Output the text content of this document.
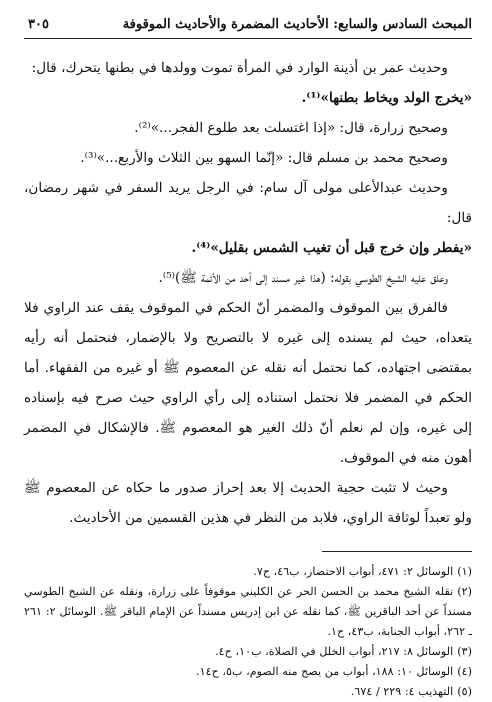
المبحث السادس والسابع: الأحاديث المضمرة والأحاديث الموقوفة
٣٠٥

وحديث عمر بن أذينة الوارد في المرأة تموت وولدها في بطنها يتحرك، قال:

«يخرج الولد ويخاط بطنها»⁽¹⁾.

وصحيح زرارة، قال: «إذا اغتسلت بعد طلوع الفجر...»⁽²⁾.

وصحيح محمد بن مسلم قال: «إنّما السهو بين الثلاث والأربع...»⁽³⁾.

وحديث عبدالأعلى مولى آل سام: في الرجل يريد السفر في شهر رمضان، قال:

«يفطر وإن خرج قبل أن تغيب الشمس بقليل»⁽⁴⁾.

وعلق عليه الشيخ الطوسي بقوله: (هذا غير مسند إلى أحد من الأئمة ﷺ)⁽⁵⁾.

فالفرق بين الموقوف والمضمر أنّ الحكم في الموقوف يقف عند الراوي فلا يتعداه، حيث لم يسنده إلى غيره لا بالتصريح ولا بالإضمار، فنحتمل أنه رأيه بمقتضى اجتهاده، كما نحتمل أنه نقله عن المعصوم ﷺ أو غيره من الفقهاء. أما الحكم في المضمر فلا نحتمل استناده إلى رأي الراوي حيث صرح فيه بإسناده إلى غيره، وإن لم نعلم أنّ ذلك الغير هو المعصوم ﷺ. فالإشكال في المضمر أهون منه في الموقوف.

وحيث لا تثبت حجية الحديث إلا بعد إحراز صدور ما حكاه عن المعصوم ﷺ ولو تعبداً لوثاقة الراوي، فلابد من النظر في هذين القسمين من الأحاديث.

(١)الوسائل ٢: ٤٧١، أبواب الاحتضار، ب٤٦، ح٧.

(٢)نقله الشيخ محمد بن الحسن الحر عن الكليني موقوفاً على زرارة، ونقله عن الشيخ الطوسي مسنداً عن أحد الباقرين ﷺ، كما نقله عن ابن إدريس مسنداً عن الإمام الباقر ﷺ. الوسائل ٢: ٢٦١ ـ ٢٦٢، أبواب الجنابة، ب٤٣، ح١.

(٣)الوسائل ٨: ٢١٧، أبواب الخلل في الصلاة، ب١٠، ح٤.

(٤)الوسائل ١٠: ١٨٨، أبواب من يصح منه الصوم، ب٥، ح١٤.

(٥)التهذيب ٤: ٢٢٩ / ٦٧٤.
